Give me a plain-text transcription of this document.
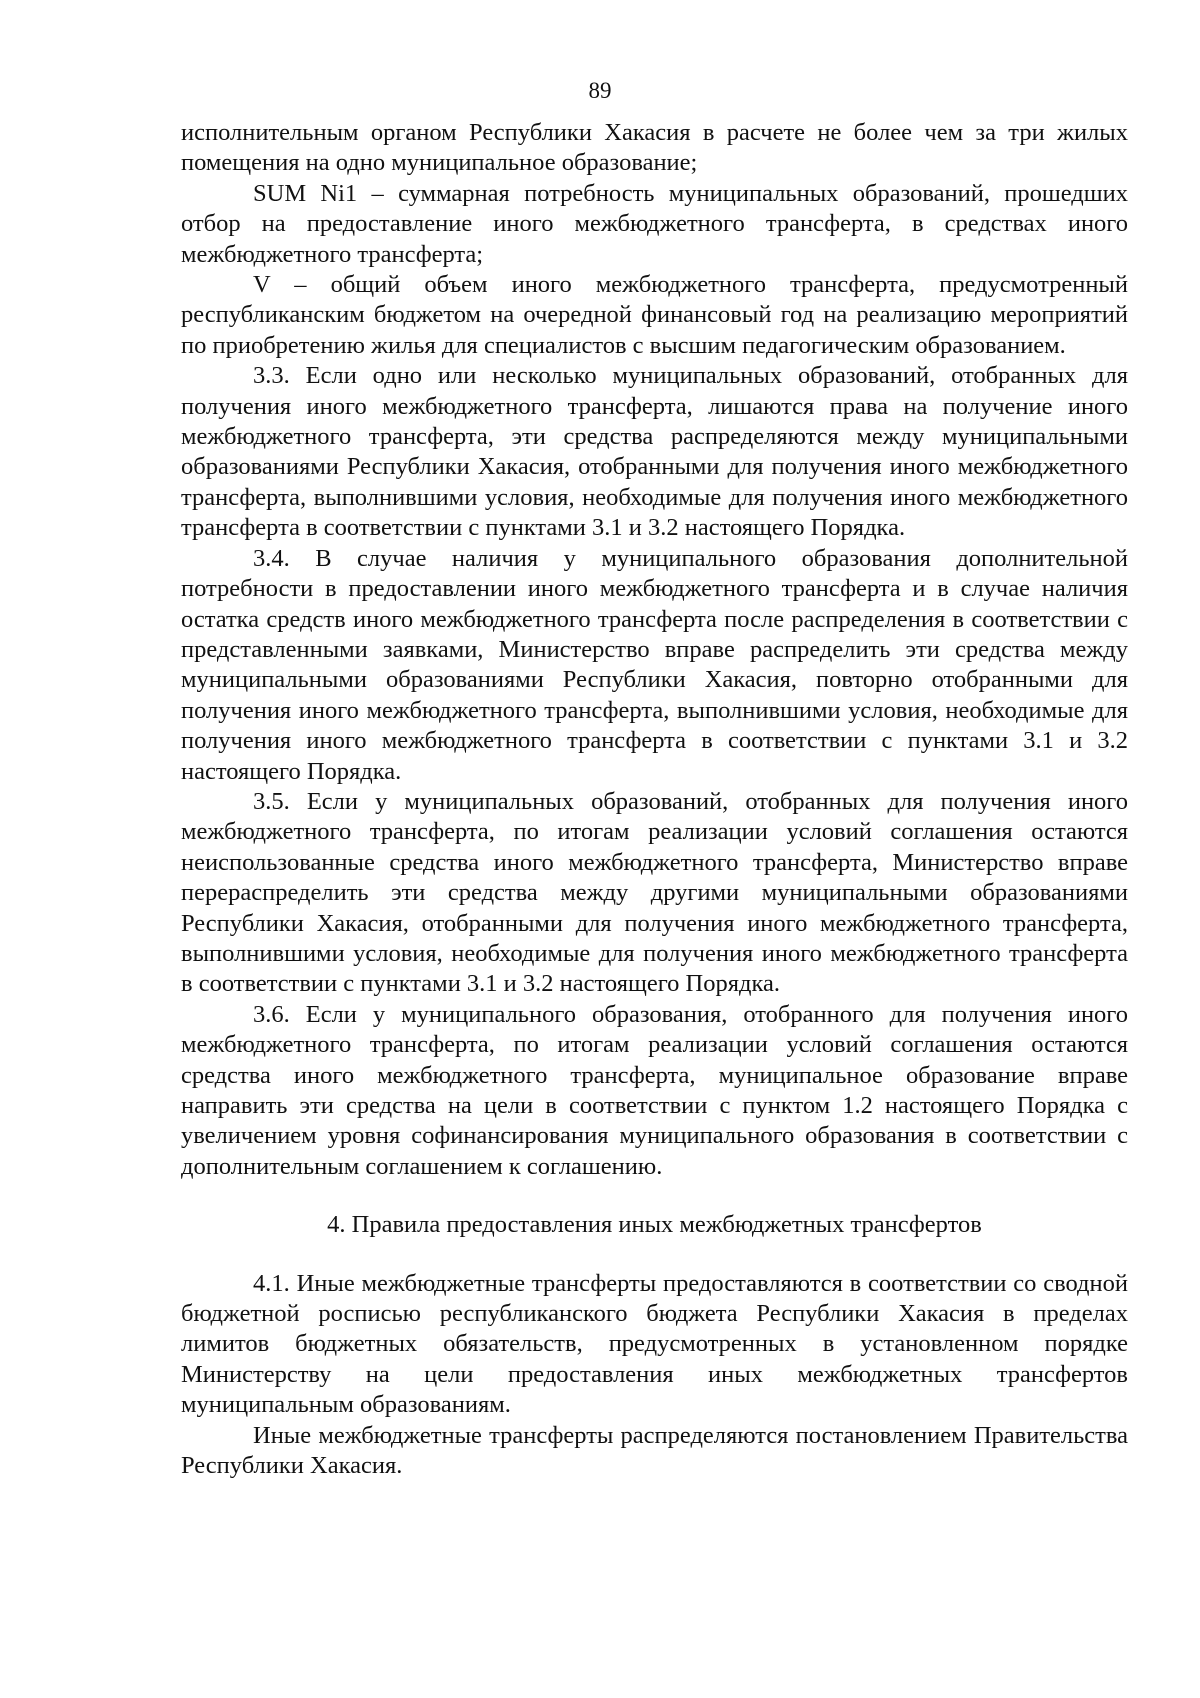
89

исполнительным органом Республики Хакасия в расчете не более чем за три жилых помещения на одно муниципальное образование;

SUM Ni1 – суммарная потребность муниципальных образований, прошедших отбор на предоставление иного межбюджетного трансферта, в средствах иного межбюджетного трансферта;

V – общий объем иного межбюджетного трансферта, предусмотренный республиканским бюджетом на очередной финансовый год на реализацию мероприятий по приобретению жилья для специалистов с высшим педагогическим образованием.

3.3. Если одно или несколько муниципальных образований, отобранных для получения иного межбюджетного трансферта, лишаются права на получение иного межбюджетного трансферта, эти средства распределяются между муниципальными образованиями Республики Хакасия, отобранными для получения иного межбюджетного трансферта, выполнившими условия, необходимые для получения иного межбюджетного трансферта в соответствии с пунктами 3.1 и 3.2 настоящего Порядка.

3.4. В случае наличия у муниципального образования дополнительной потребности в предоставлении иного межбюджетного трансферта и в случае наличия остатка средств иного межбюджетного трансферта после распределения в соответствии с представленными заявками, Министерство вправе распределить эти средства между муниципальными образованиями Республики Хакасия, повторно отобранными для получения иного межбюджетного трансферта, выполнившими условия, необходимые для получения иного межбюджетного трансферта в соответствии с пунктами 3.1 и 3.2 настоящего Порядка.

3.5. Если у муниципальных образований, отобранных для получения иного межбюджетного трансферта, по итогам реализации условий соглашения остаются неиспользованные средства иного межбюджетного трансферта, Министерство вправе перераспределить эти средства между другими муниципальными образованиями Республики Хакасия, отобранными для получения иного межбюджетного трансферта, выполнившими условия, необходимые для получения иного межбюджетного трансферта в соответствии с пунктами 3.1 и 3.2 настоящего Порядка.

3.6. Если у муниципального образования, отобранного для получения иного межбюджетного трансферта, по итогам реализации условий соглашения остаются средства иного межбюджетного трансферта, муниципальное образование вправе направить эти средства на цели в соответствии с пунктом 1.2 настоящего Порядка с увеличением уровня софинансирования муниципального образования в соответствии с дополнительным соглашением к соглашению.

4. Правила предоставления иных межбюджетных трансфертов

4.1. Иные межбюджетные трансферты предоставляются в соответствии со сводной бюджетной росписью республиканского бюджета Республики Хакасия в пределах лимитов бюджетных обязательств, предусмотренных в установленном порядке Министерству на цели предоставления иных межбюджетных трансфертов муниципальным образованиям.

Иные межбюджетные трансферты распределяются постановлением Правительства Республики Хакасия.
